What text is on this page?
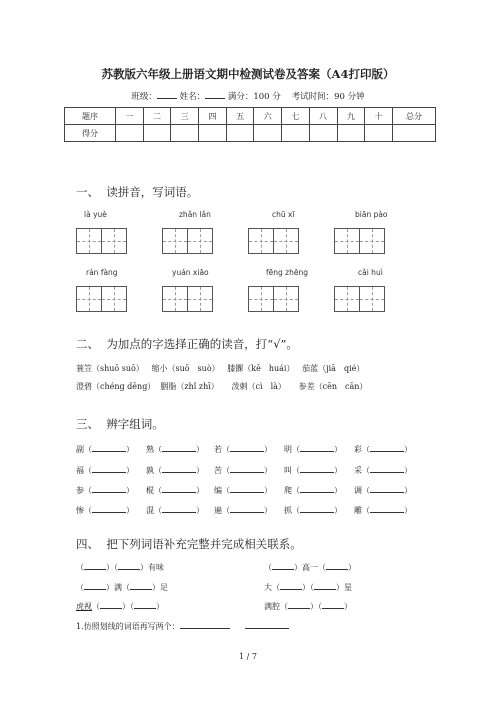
苏教版六年级上册语文期中检测试卷及答案（A4打印版）
班级：	姓名：	满分：100 分 考试时间：90 分钟
题序	一	二	三	四	五	六	七	八	九	十	总分
得分											
一、 读拼音，写词语。
là yuè	zhǎn lǎn	chū xī	biān pào
rán fàng	yuán xiāo	fēng zhēng	cǎi huì
二、 为加点的字选择正确的读音，打“√”。
蓑笠（shuō suō） 缩小（suō　suò） 膝髁（kē　huái） 茄蓝（jiā　qié）
澄碧（chéng dēng） 胭脂（zhǐ zhī） 泼刺（cì　là） 参差（cēn　cān）
三、 辨字组词。
副（	） 熟（	） 若（	） 明（	） 彩（	）
福（	） 孰（	） 苦（	） 叫（	） 采（	）
参（	） 棍（	） 编（	） 爬（	） 调（	）
惨（	） 混（	） 遍（	） 抓（	） 雕（	）
四、 把下列词语补充完整并完成相关联系。
（	）（	）有味	（	）高一（	）
（	）满（	）足	大（	）（	）星
虎视（	）（	）	满腔（	）（	）
1.仿照划线的词语再写两个：
1 / 7
